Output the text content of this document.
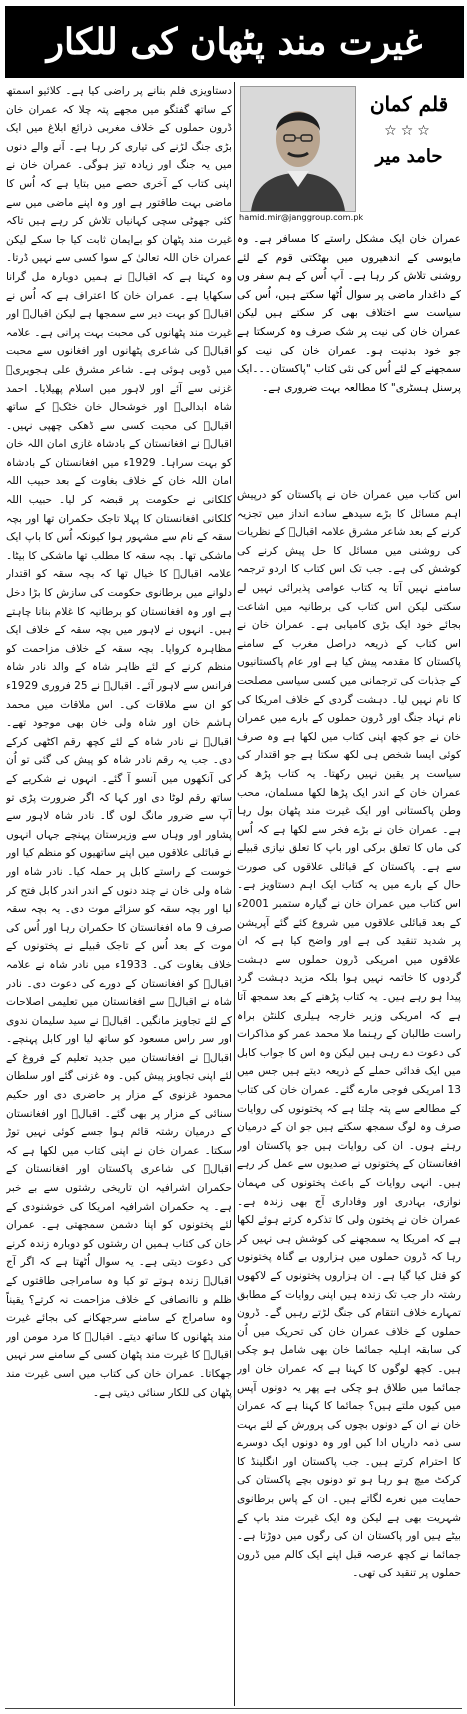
غیرت مند پٹھان کی للکار
قلم کمان
☆☆☆
حامد میر
hamid.mir@janggroup.com.pk

عمران خان ایک مشکل راستے کا مسافر ہے۔ وہ مایوسی کے اندھیروں میں بھٹکتی قوم کے لئے روشنی تلاش کر رہا ہے۔ آپ اُس کے ہم سفر وں کے داغدار ماضی پر سوال اُٹھا سکتے ہیں، اُس کی سیاست سے اختلاف بھی کر سکتے ہیں لیکن عمران خان کی نیت پر شک صرف وہ کرسکتا ہے جو خود بدنیت ہو۔ عمران خان کی نیت کو سمجھنے کے لئے اُس کی نئی کتاب "پاکستان۔۔۔ایک پرسنل ہسٹری" کا مطالعہ بہت ضروری ہے۔

اس کتاب میں عمران خان نے پاکستان کو درپیش اہم مسائل کا بڑے سیدھے سادے انداز میں تجزیہ کرنے کے بعد شاعر مشرق علامہ اقبالؒ کے نظریات کی روشنی میں مسائل کا حل پیش کرنے کی کوشش کی ہے۔ جب تک اس کتاب کا اردو ترجمہ سامنے نہیں آتا یہ کتاب عوامی پذیرائی نہیں لے سکتی لیکن اس کتاب کی برطانیہ میں اشاعت بجائے خود ایک بڑی کامیابی ہے۔ عمران خان نے اس کتاب کے ذریعہ دراصل مغرب کے سامنے پاکستان کا مقدمہ پیش کیا ہے اور عام پاکستانیوں کے جذبات کی ترجمانی میں کسی سیاسی مصلحت کا نام نہیں لیا۔ دہشت گردی کے خلاف امریکا کی نام نہاد جنگ اور ڈرون حملوں کے بارے میں عمران خان نے جو کچھ اپنی کتاب میں لکھا ہے وہ صرف کوئی ایسا شخص ہی لکھ سکتا ہے جو اقتدار کی سیاست پر یقین نہیں رکھتا۔ یہ کتاب پڑھ کر عمران خان کے اندر ایک پڑھا لکھا مسلمان، محب وطن پاکستانی اور ایک غیرت مند پٹھان بول رہا ہے۔ عمران خان نے بڑے فخر سے لکھا ہے کہ اُس کی ماں کا تعلق برکی اور باپ کا تعلق نیازی قبیلے سے ہے۔ پاکستان کے قبائلی علاقوں کی صورت حال کے بارے میں یہ کتاب ایک اہم دستاویز ہے۔ اس کتاب میں عمران خان نے گیارہ ستمبر 2001ء کے بعد قبائلی علاقوں میں شروع کئے گئے آپریشن پر شدید تنقید کی ہے اور واضح کیا ہے کہ ان علاقوں میں امریکی ڈرون حملوں سے دہشت گردوں کا خاتمہ نہیں ہوا بلکہ مزید دہشت گرد پیدا ہو رہے ہیں۔ یہ کتاب پڑھنے کے بعد سمجھ آتا ہے کہ امریکی وزیر خارجہ ہیلری کلنٹن براہ راست طالبان کے رہنما ملا محمد عمر کو مذاکرات کی دعوت دے رہی ہیں لیکن وہ اس کا جواب کابل میں ایک فدائی حملے کے ذریعہ دیتے ہیں جس میں 13 امریکی فوجی مارے گئے۔ عمران خان کی کتاب کے مطالعے سے پتہ چلتا ہے کہ پختونوں کی روایات صرف وہ لوگ سمجھ سکتے ہیں جو ان کے درمیان رہتے ہوں۔ ان کی روایات ہیں جو پاکستان اور افغانستان کے پختونوں نے صدیوں سے عمل کر رہے ہیں۔ انہی روایات کے باعث پختونوں کی مہمان نوازی، بہادری اور وفاداری آج بھی زندہ ہے۔ عمران خان نے پختون ولی کا تذکرہ کرتے ہوئے لکھا ہے کہ امریکا یہ سمجھنے کی کوشش ہی نہیں کر رہا کہ ڈرون حملوں میں ہزاروں بے گناہ پختونوں کو قتل کیا گیا ہے۔ ان ہزاروں پختونوں کے لاکھوں رشتہ دار جب تک زندہ ہیں اپنی روایات کے مطابق تمہارے خلاف انتقام کی جنگ لڑتے رہیں گے۔ ڈرون حملوں کے خلاف عمران خان کی تحریک میں اُن کی سابقہ اہلیہ جمائما خان بھی شامل ہو چکی ہیں۔ کچھ لوگوں کا کہنا ہے کہ عمران خان اور جمائما میں طلاق ہو چکی ہے پھر یہ دونوں آپس میں کیوں ملتے ہیں؟ جمائما کا کہنا ہے کہ عمران خان نے ان کے دونوں بچوں کی پرورش کے لئے بہت سی ذمہ داریاں ادا کیں اور وہ دونوں ایک دوسرے کا احترام کرتے ہیں۔ جب پاکستان اور انگلینڈ کا کرکٹ میچ ہو رہا ہو تو دونوں بچے پاکستان کی حمایت میں نعرے لگاتے ہیں۔ ان کے پاس برطانوی شہریت بھی ہے لیکن وہ ایک غیرت مند باپ کے بیٹے ہیں اور پاکستان ان کی رگوں میں دوڑتا ہے۔ جمائما نے کچھ عرصہ قبل اپنے ایک کالم میں ڈرون حملوں پر تنقید کی تھی۔

دستاویزی فلم بنانے پر راضی کیا ہے۔ کلائیو اسمتھ کے ساتھ گفتگو میں مجھے پتہ چلا کہ عمران خان ڈرون حملوں کے خلاف مغربی ذرائع ابلاغ میں ایک بڑی جنگ لڑنے کی تیاری کر رہا ہے۔ آنے والے دنوں میں یہ جنگ اور زیادہ تیز ہوگی۔ عمران خان نے اپنی کتاب کے آخری حصے میں بتایا ہے کہ اُس کا ماضی بہت طاقتور ہے اور وہ اپنے ماضی میں سے کئی جھوٹی سچی کہانیاں تلاش کر رہے ہیں تاکہ غیرت مند پٹھان کو بےایمان ثابت کیا جا سکے لیکن عمران خان اللہ تعالیٰ کے سوا کسی سے نہیں ڈرتا۔ وہ کہتا ہے کہ اقبالؒ نے ہمیں دوبارہ مل گرانا سکھایا ہے۔ عمران خان کا اعتراف ہے کہ اُس نے اقبالؒ کو بہت دیر سے سمجھا ہے لیکن اقبالؒ اور غیرت مند پٹھانوں کی محبت بہت پرانی ہے۔ علامہ اقبالؒ کی شاعری پٹھانوں اور افغانوں سے محبت میں ڈوبی ہوئی ہے۔ شاعر مشرق علی ہجویریؒ غزنی سے آئے اور لاہور میں اسلام پھیلایا۔ احمد شاہ ابدالیؒ اور خوشحال خان خٹکؒ کے ساتھ اقبالؒ کی محبت کسی سے ڈھکی چھپی نہیں۔ اقبالؒ نے افغانستان کے بادشاہ غازی امان اللہ خان کو بہت سراہا۔ 1929ء میں افغانستان کے بادشاہ امان اللہ خان کے خلاف بغاوت کے بعد حبیب اللہ کلکانی نے حکومت پر قبضہ کر لیا۔ حبیب اللہ کلکانی افغانستان کا پہلا تاجک حکمران تھا اور بچہ سقہ کے نام سے مشہور ہوا کیونکہ اُس کا باپ ایک ماشکی تھا۔ بچہ سقہ کا مطلب تھا ماشکی کا بیٹا۔ علامہ اقبالؒ کا خیال تھا کہ بچہ سقہ کو اقتدار دلوانے میں برطانوی حکومت کی سازش کا بڑا دخل ہے اور وہ افغانستان کو برطانیہ کا غلام بنانا چاہتے ہیں۔ انہوں نے لاہور میں بچہ سقہ کے خلاف ایک مظاہرہ کروایا۔ بچہ سقہ کے خلاف مزاحمت کو منظم کرنے کے لئے ظاہر شاہ کے والد نادر شاہ فرانس سے لاہور آئے۔ اقبالؒ نے 25 فروری 1929ء کو ان سے ملاقات کی۔ اس ملاقات میں محمد ہاشم خان اور شاہ ولی خان بھی موجود تھے۔ اقبالؒ نے نادر شاہ کے لئے کچھ رقم اکٹھی کرکے دی۔ جب یہ رقم نادر شاہ کو پیش کی گئی تو اُن کی آنکھوں میں آنسو آ گئے۔ انہوں نے شکریے کے ساتھ رقم لوٹا دی اور کہا کہ اگر ضرورت پڑی تو آپ سے ضرور مانگ لوں گا۔ نادر شاہ لاہور سے پشاور اور وہاں سے وزیرستان پہنچے جہاں انہوں نے قبائلی علاقوں میں اپنے ساتھیوں کو منظم کیا اور خوست کے راستے کابل پر حملہ کیا۔ نادر شاہ اور شاہ ولی خان نے چند دنوں کے اندر اندر کابل فتح کر لیا اور بچہ سقہ کو سزائے موت دی۔ یہ بچہ سقہ صرف 9 ماہ افغانستان کا حکمران رہا اور اُس کی موت کے بعد اُس کے تاجک قبیلے نے پختونوں کے خلاف بغاوت کی۔ 1933ء میں نادر شاہ نے علامہ اقبالؒ کو افغانستان کے دورے کی دعوت دی۔ نادر شاہ نے اقبالؒ سے افغانستان میں تعلیمی اصلاحات کے لئے تجاویز مانگیں۔ اقبالؒ نے سید سلیمان ندوی اور سر راس مسعود کو ساتھ لیا اور کابل پہنچے۔ اقبالؒ نے افغانستان میں جدید تعلیم کے فروغ کے لئے اپنی تجاویز پیش کیں۔ وہ غزنی گئے اور سلطان محمود غزنوی کے مزار پر حاضری دی اور حکیم سنائی کے مزار پر بھی گئے۔ اقبالؒ اور افغانستان کے درمیان رشتہ قائم ہوا جسے کوئی نہیں توڑ سکتا۔ عمران خان نے اپنی کتاب میں لکھا ہے کہ اقبالؒ کی شاعری پاکستان اور افغانستان کے حکمران اشرافیہ ان تاریخی رشتوں سے بے خبر ہے۔ یہ حکمران اشرافیہ امریکا کی خوشنودی کے لئے پختونوں کو اپنا دشمن سمجھتی ہے۔ عمران خان کی کتاب ہمیں ان رشتوں کو دوبارہ زندہ کرنے کی دعوت دیتی ہے۔ یہ سوال اُٹھتا ہے کہ اگر آج اقبالؒ زندہ ہوتے تو کیا وہ سامراجی طاقتوں کے ظلم و ناانصافی کے خلاف مزاحمت نہ کرتے؟ یقیناً وہ سامراج کے سامنے سرجھکانے کی بجائے غیرت مند پٹھانوں کا ساتھ دیتے۔ اقبالؒ کا مرد مومن اور اقبالؒ کا غیرت مند پٹھان کسی کے سامنے سر نہیں جھکاتا۔ عمران خان کی کتاب میں اسی غیرت مند پٹھان کی للکار سنائی دیتی ہے۔
